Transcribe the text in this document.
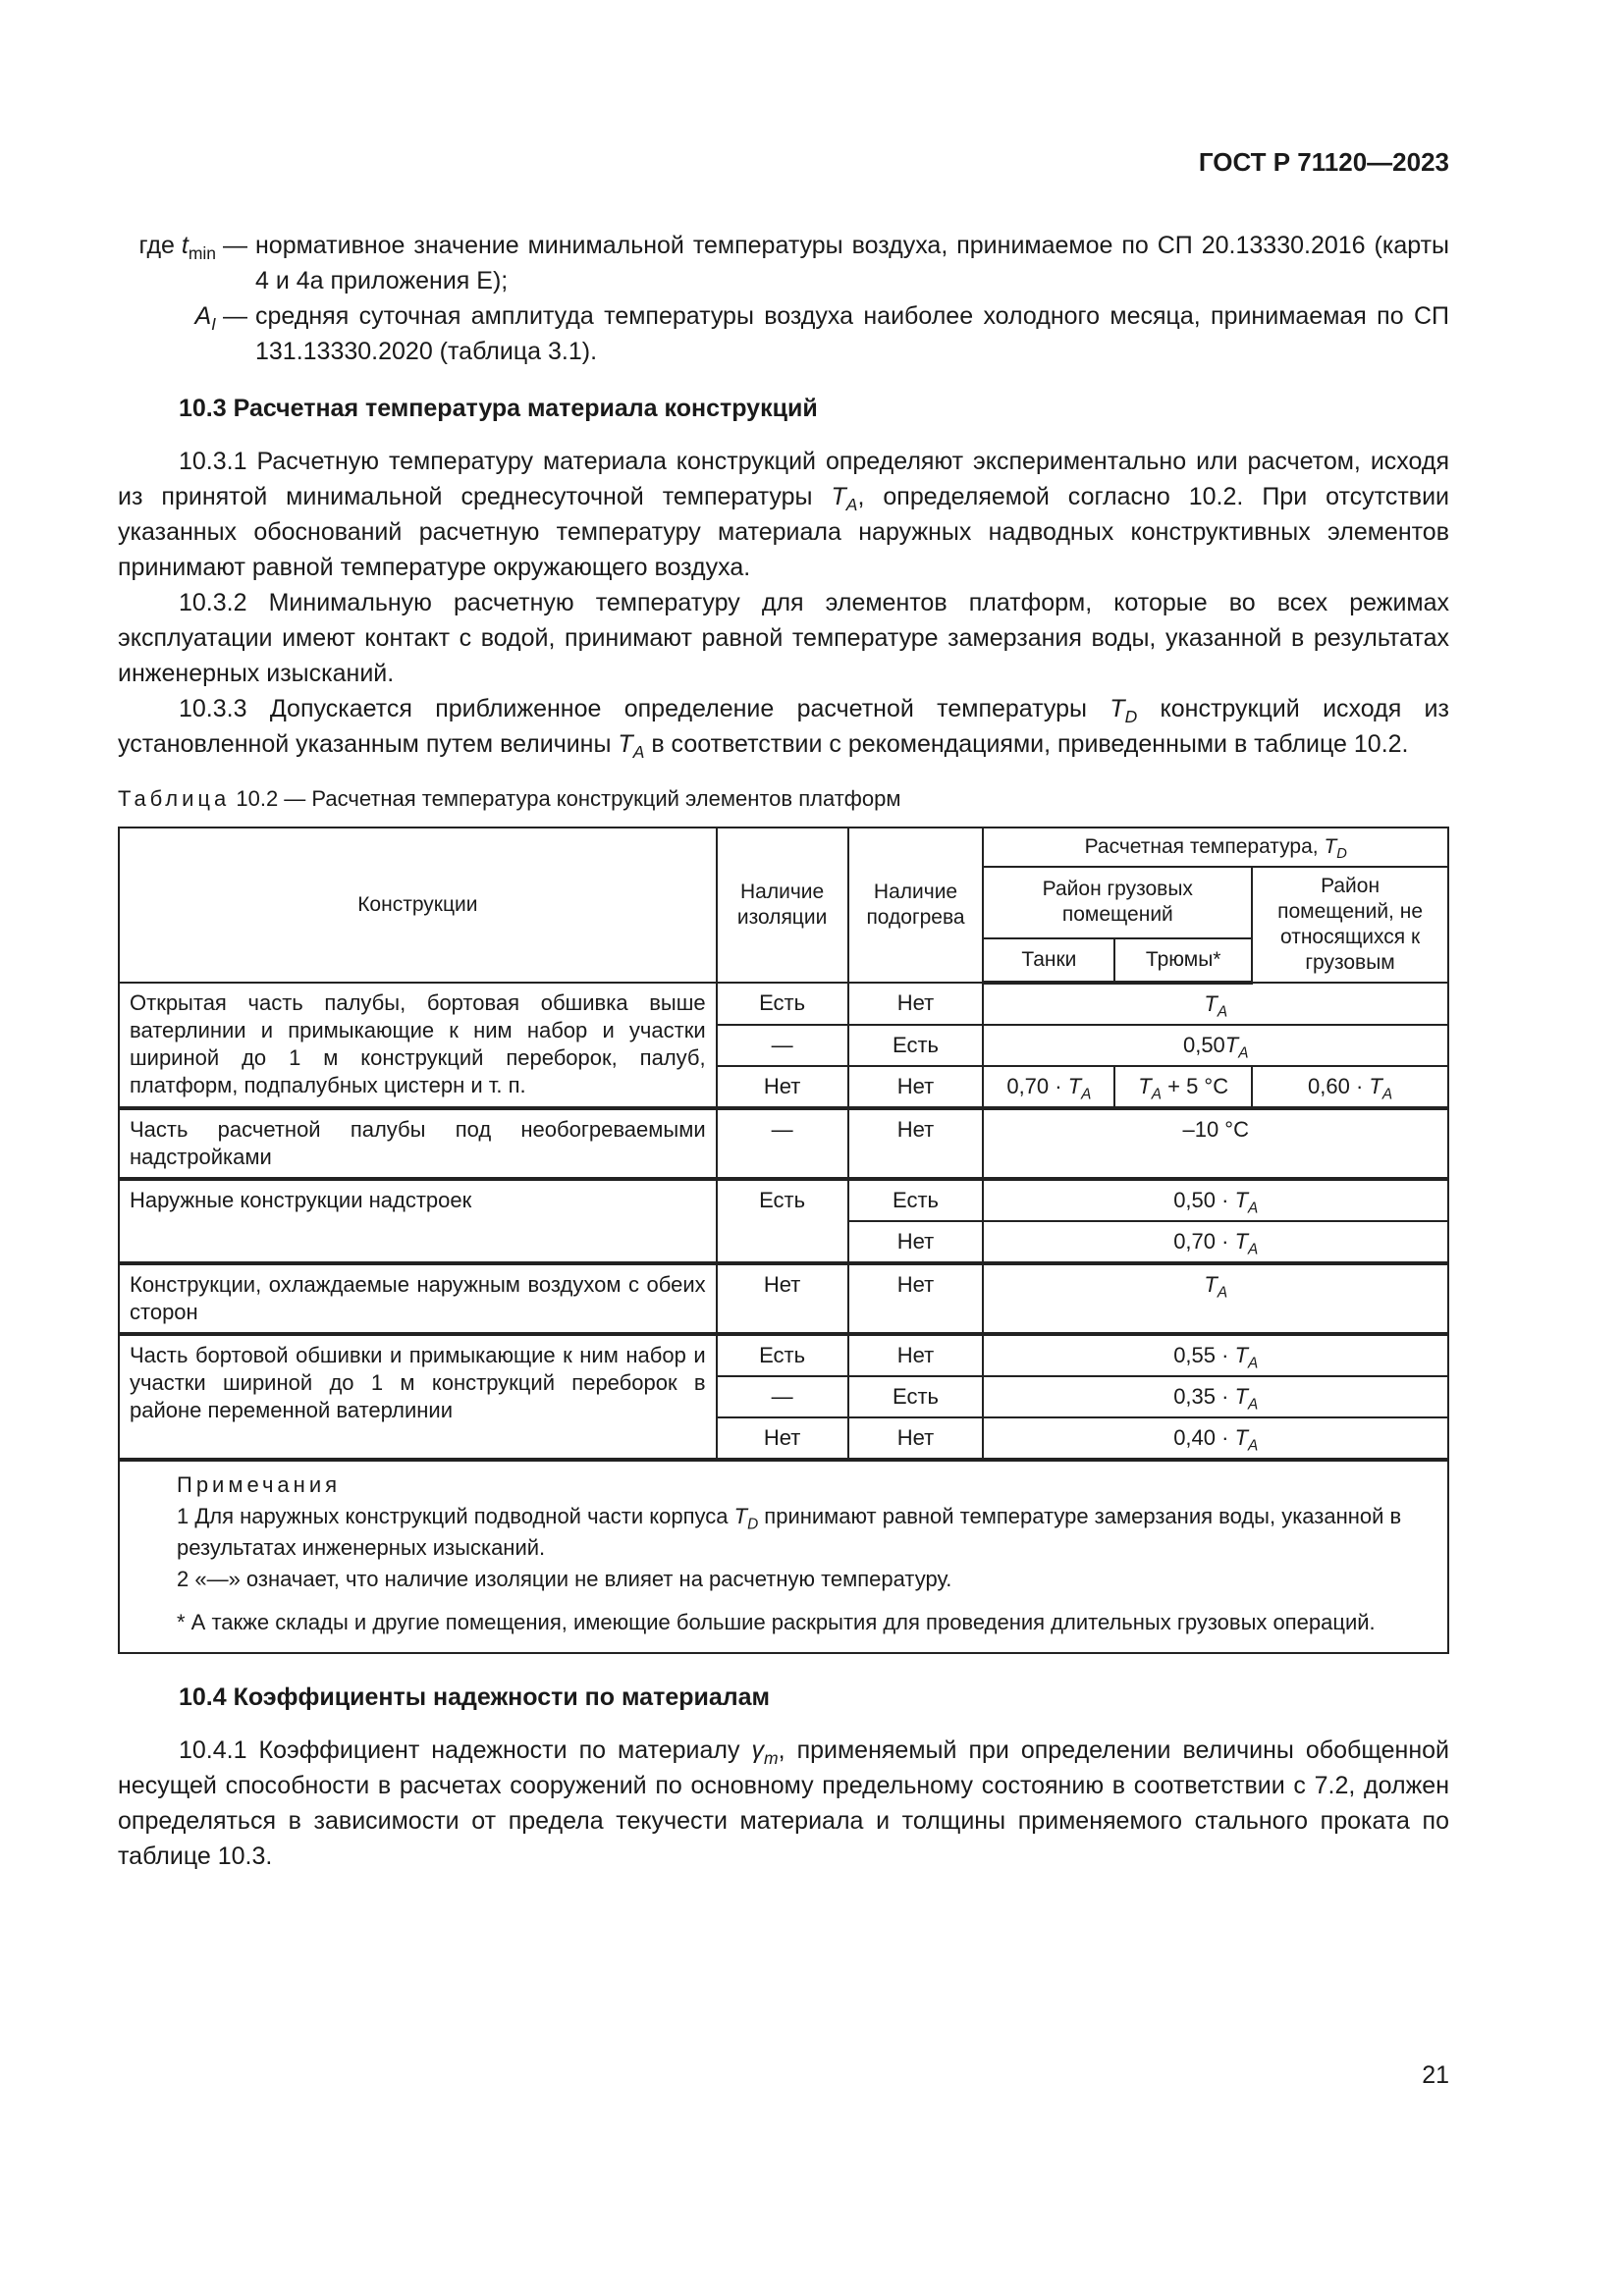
ГОСТ Р 71120—2023
где $t_{min}$ — нормативное значение минимальной температуры воздуха, принимаемое по СП 20.13330.2016 (карты 4 и 4а приложения Е);
$A_I$ — средняя суточная амплитуда температуры воздуха наиболее холодного месяца, принимаемая по СП 131.13330.2020 (таблица 3.1).
10.3 Расчетная температура материала конструкций

10.3.1 Расчетную температуру материала конструкций определяют экспериментально или расчетом, исходя из принятой минимальной среднесуточной температуры $T_A$, определяемой согласно 10.2. При отсутствии указанных обоснований расчетную температуру материала наружных надводных конструктивных элементов принимают равной температуре окружающего воздуха.

10.3.2 Минимальную расчетную температуру для элементов платформ, которые во всех режимах эксплуатации имеют контакт с водой, принимают равной температуре замерзания воды, указанной в результатах инженерных изысканий.

10.3.3 Допускается приближенное определение расчетной температуры $T_D$ конструкций исходя из установленной указанным путем величины $T_A$ в соответствии с рекомендациями, приведенными в таблице 10.2.

Таблица 10.2 — Расчетная температура конструкций элементов платформ
Конструкции	Наличие изоляции	Наличие подогрева	Расчетная температура, $T_D$
			Район грузовых помещений		Район помещений, не относящихся к грузовым
			Танки	Трюмы*	
Открытая часть палубы, бортовая обшивка выше ватерлинии и примыкающие к ним набор и участки шириной до 1 м конструкций переборок, палуб, платформ, подпалубных цистерн и т. п.	Есть	Нет	$T_A$
	—	Есть	$0,50T_A$
	Нет	Нет	$0,70 \cdot T_A$	$T_A + 5$ °C	$0,60 \cdot T_A$
Часть расчетной палубы под необогреваемыми надстройками	—	Нет	–10 °C		
Наружные конструкции надстроек	Есть	Есть	$0,50 \cdot T_A$
		Нет	$0,70 \cdot T_A$
Конструкции, охлаждаемые наружным воздухом с обеих сторон	Нет	Нет	$T_A$
Часть бортовой обшивки и примыкающие к ним набор и участки шириной до 1 м конструкций переборок в районе переменной ватерлинии	Есть	Нет	$0,55 \cdot T_A$
	—	Есть	$0,35 \cdot T_A$
	Нет	Нет	$0,40 \cdot T_A$

Примечания
1 Для наружных конструкций подводной части корпуса $T_D$ принимают равной температуре замерзания воды, указанной в результатах инженерных изысканий.
2 «—» означает, что наличие изоляции не влияет на расчетную температуру.
* А также склады и другие помещения, имеющие большие раскрытия для проведения длительных грузовых операций.					
10.4 Коэффициенты надежности по материалам

10.4.1 Коэффициент надежности по материалу $\gamma_m$, применяемый при определении величины обобщенной несущей способности в расчетах сооружений по основному предельному состоянию в соответствии с 7.2, должен определяться в зависимости от предела текучести материала и толщины применяемого стального проката по таблице 10.3.

21
